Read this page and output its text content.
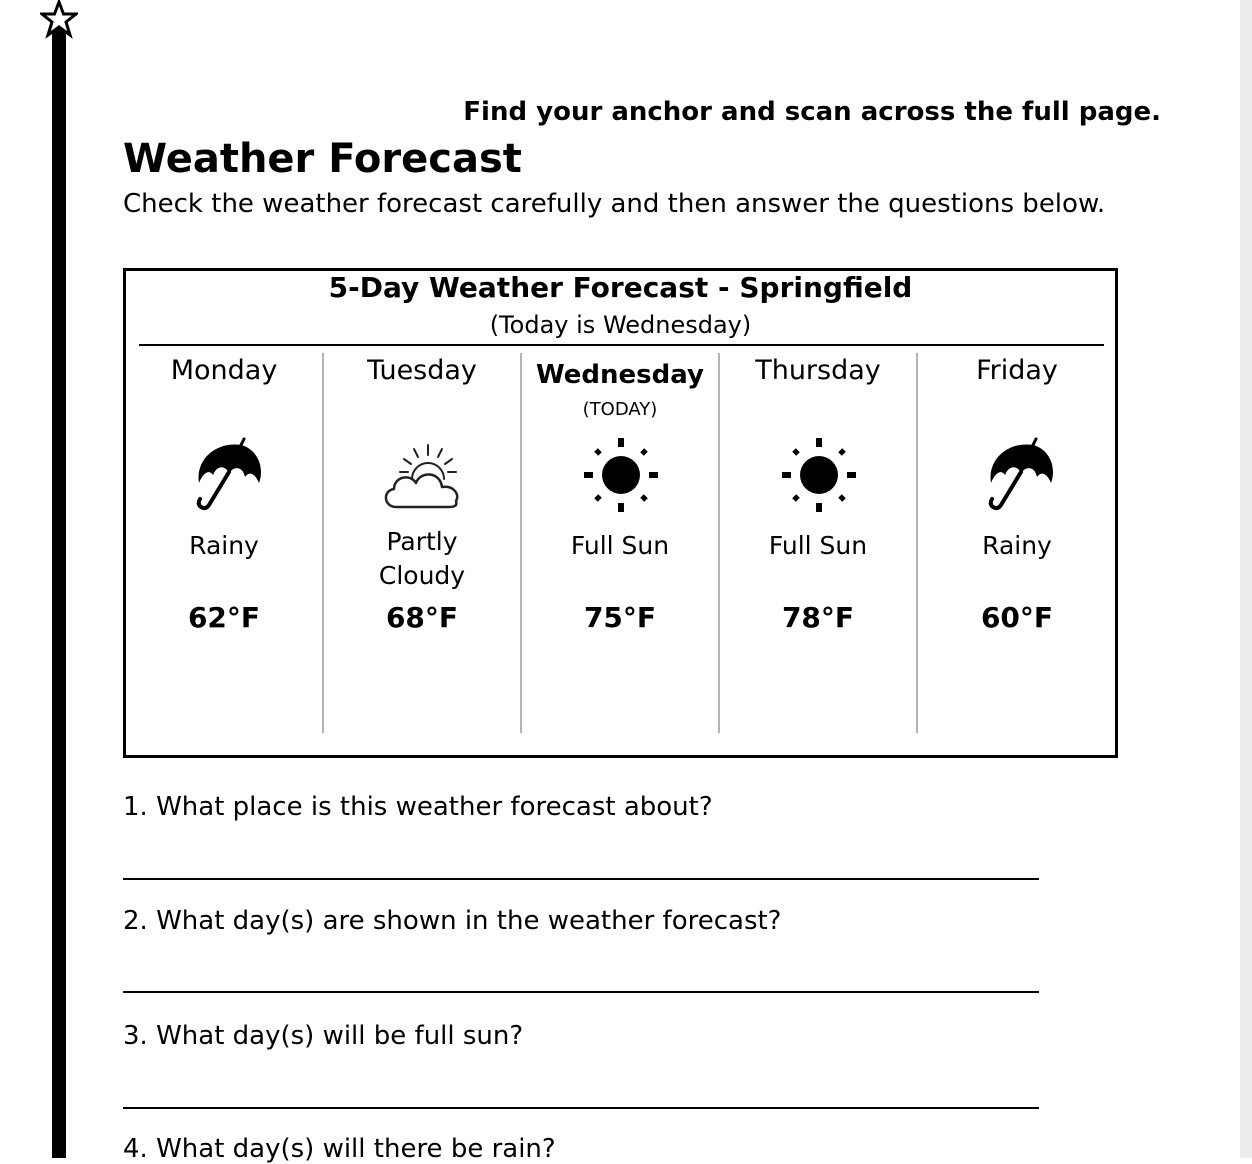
Find your anchor and scan across the full page.
Weather Forecast

Check the weather forecast carefully and then answer the questions below.

5-Day Weather Forecast - Springfield
(Today is Wednesday)
Monday
Rainy
62°F
Tuesday
Partly Cloudy
68°F
Wednesday
(TODAY)
Full Sun
75°F
Thursday
Full Sun
78°F
Friday
Rainy
60°F
1. What place is this weather forecast about?
2. What day(s) are shown in the weather forecast?
3. What day(s) will be full sun?
4. What day(s) will there be rain?
